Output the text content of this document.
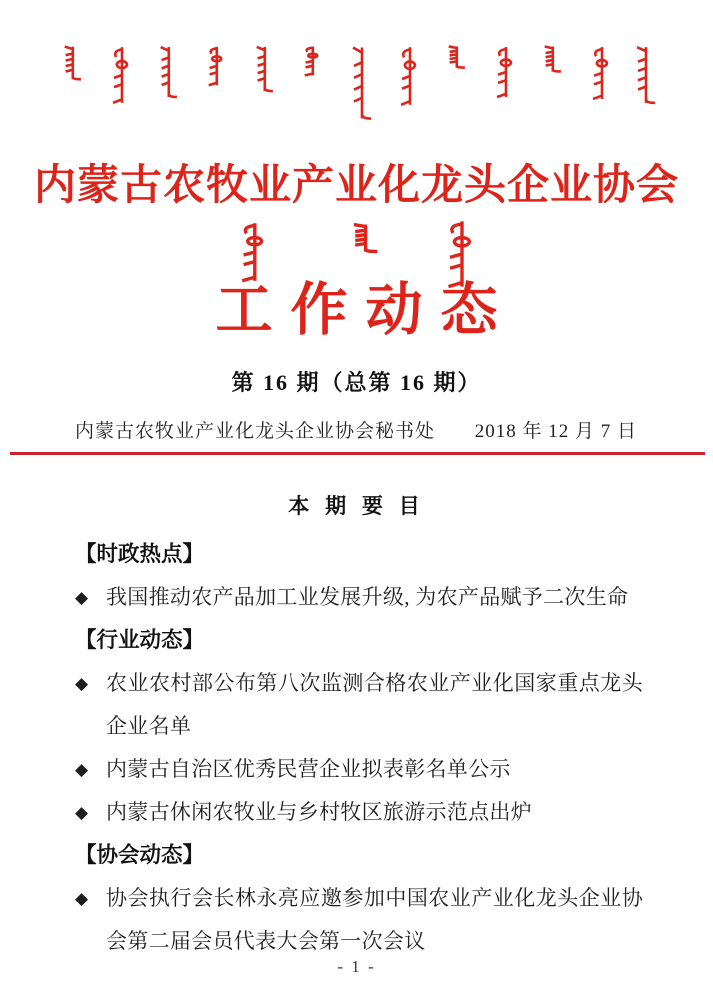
内蒙古农牧业产业化龙头企业协会
工作动态
第 16 期（总第 16 期）
内蒙古农牧业产业化龙头企业协会秘书处 2018 年 12 月 7 日
本 期 要 目
【时政热点】
◆ 我国推动农产品加工业发展升级, 为农产品赋予二次生命
【行业动态】
◆ 农业农村部公布第八次监测合格农业产业化国家重点龙头企业名单
◆ 内蒙古自治区优秀民营企业拟表彰名单公示
◆ 内蒙古休闲农牧业与乡村牧区旅游示范点出炉
【协会动态】
◆ 协会执行会长林永亮应邀参加中国农业产业化龙头企业协会第二届会员代表大会第一次会议
- 1 -
